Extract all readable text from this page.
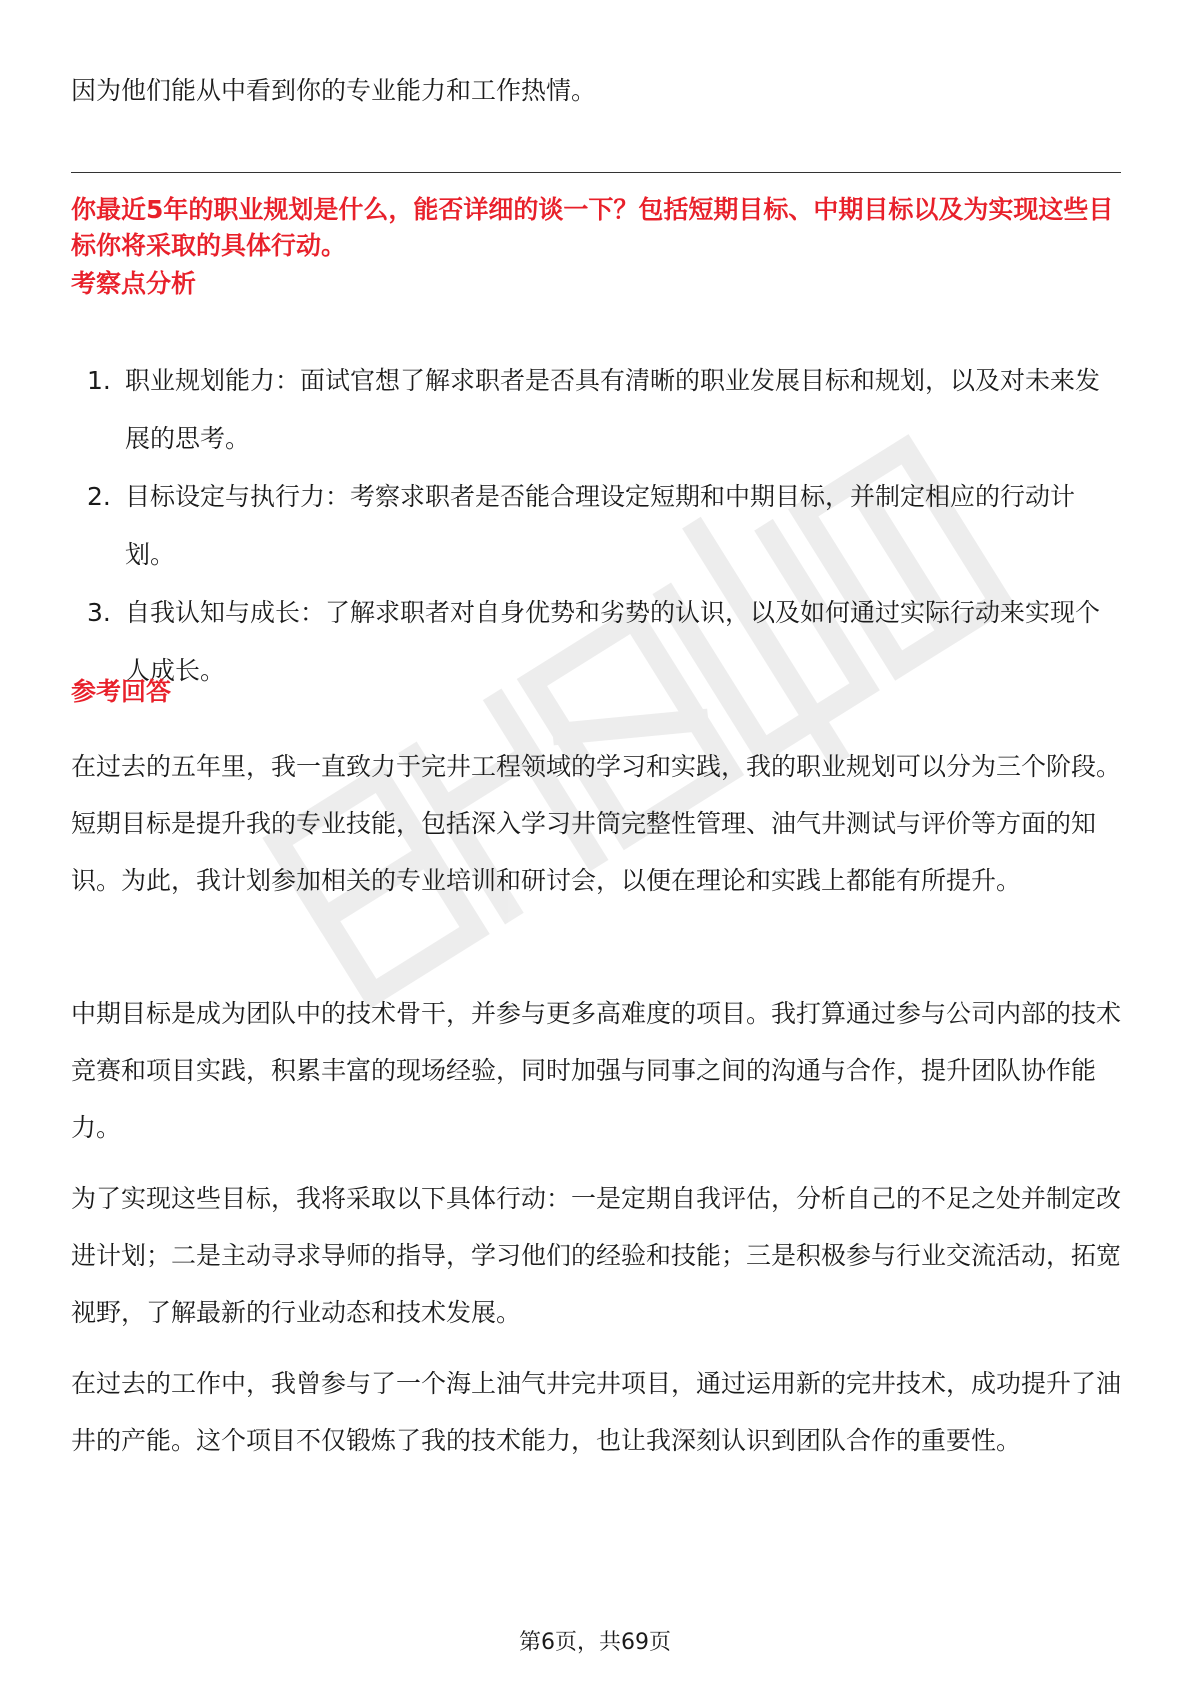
因为他们能从中看到你的专业能力和工作热情。

你最近5年的职业规划是什么，能否详细的谈一下？包括短期目标、中期目标以及为实现这些目标你将采取的具体行动。

考察点分析

1. 职业规划能力：面试官想了解求职者是否具有清晰的职业发展目标和规划，以及对未来发展的思考。
2. 目标设定与执行力：考察求职者是否能合理设定短期和中期目标，并制定相应的行动计划。
3. 自我认知与成长：了解求职者对自身优势和劣势的认识，以及如何通过实际行动来实现个人成长。

参考回答

在过去的五年里，我一直致力于完井工程领域的学习和实践，我的职业规划可以分为三个阶段。短期目标是提升我的专业技能，包括深入学习井筒完整性管理、油气井测试与评价等方面的知识。为此，我计划参加相关的专业培训和研讨会，以便在理论和实践上都能有所提升。

中期目标是成为团队中的技术骨干，并参与更多高难度的项目。我打算通过参与公司内部的技术竞赛和项目实践，积累丰富的现场经验，同时加强与同事之间的沟通与合作，提升团队协作能力。

为了实现这些目标，我将采取以下具体行动：一是定期自我评估，分析自己的不足之处并制定改进计划；二是主动寻求导师的指导，学习他们的经验和技能；三是积极参与行业交流活动，拓宽视野，了解最新的行业动态和技术发展。

在过去的工作中，我曾参与了一个海上油气井完井项目，通过运用新的完井技术，成功提升了油井的产能。这个项目不仅锻炼了我的技术能力，也让我深刻认识到团队合作的重要性。

第6页，共69页
